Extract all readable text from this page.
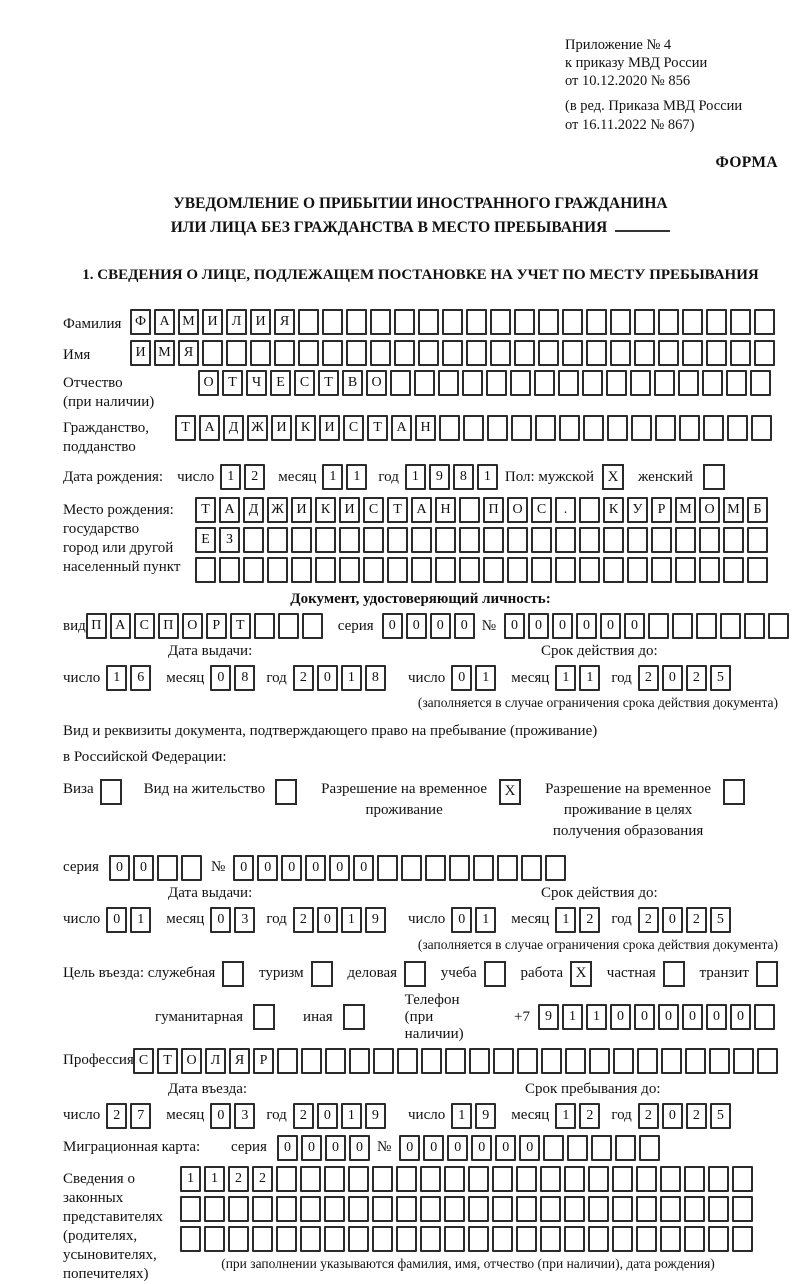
Приложение № 4
к приказу МВД России
от 10.12.2020 № 856
(в ред. Приказа МВД России
от 16.11.2022 № 867)
ФОРМА
УВЕДОМЛЕНИЕ О ПРИБЫТИИ ИНОСТРАННОГО ГРАЖДАНИНА
ИЛИ ЛИЦА БЕЗ ГРАЖДАНСТВА В МЕСТО ПРЕБЫВАНИЯ
1. СВЕДЕНИЯ О ЛИЦЕ, ПОДЛЕЖАЩЕМ ПОСТАНОВКЕ НА УЧЕТ ПО МЕСТУ ПРЕБЫВАНИЯ
Фамилия Ф А М И Л И Я
Имя	И М Я
Отчество
(при наличии)
О Т Ч Е С Т В О
Гражданство,
подданство
Т А Д Ж И К И С Т А Н
Дата рождения: число 1 2	месяц 1 1	год 1 9 8 1 Пол: мужской X	женский
Место рождения:
государство
город или другой
населенный пункт
Т А Д Ж И К И С Т А Н	П О С .	К У Р М О М Б
Е З
Документ, удостоверяющий личность:
вид П А С П О Р Т	серия	0 0 0 0 №	0 0 0 0 0 0
Дата выдачи:	Срок действия до:
число 1 6	месяц 0 8	год 2 0 1 8	число 0 1	месяц 1 1	год 2 0 2 5
(заполняется в случае ограничения срока действия документа)
Вид и реквизиты документа, подтверждающего право на пребывание (проживание)
в Российской Федерации:
Виза	Вид на жительство	Разрешение на временное
проживание
X	Разрешение на временное
проживание в целях
получения образования
серия	0 0	№	0 0 0 0 0 0
Дата выдачи:	Срок действия до:
число 0 1	месяц 0 3	год 2 0 1 9	число 0 1	месяц 1 2	год 2 0 2 5
(заполняется в случае ограничения срока действия документа)
Цель въезда: служебная	туризм	деловая	учеба	работа X	частная	транзит
гуманитарная	иная
Телефон (при наличии)
+7	9 1 1 0 0 0 0 0 0
Профессия С Т О Л Я Р
Дата въезда:	Срок пребывания до:
число 2 7	месяц 0 3	год 2 0 1 9	число 1 9	месяц 1 2	год 2 0 2 5
Миграционная карта:	серия	0 0 0 0 №	0 0 0 0 0 0
Сведения о
законных
представителях
(родителях,
усыновителях,
попечителях)
1 1 2 2
(при заполнении указываются фамилия, имя, отчество (при наличии), дата рождения)
